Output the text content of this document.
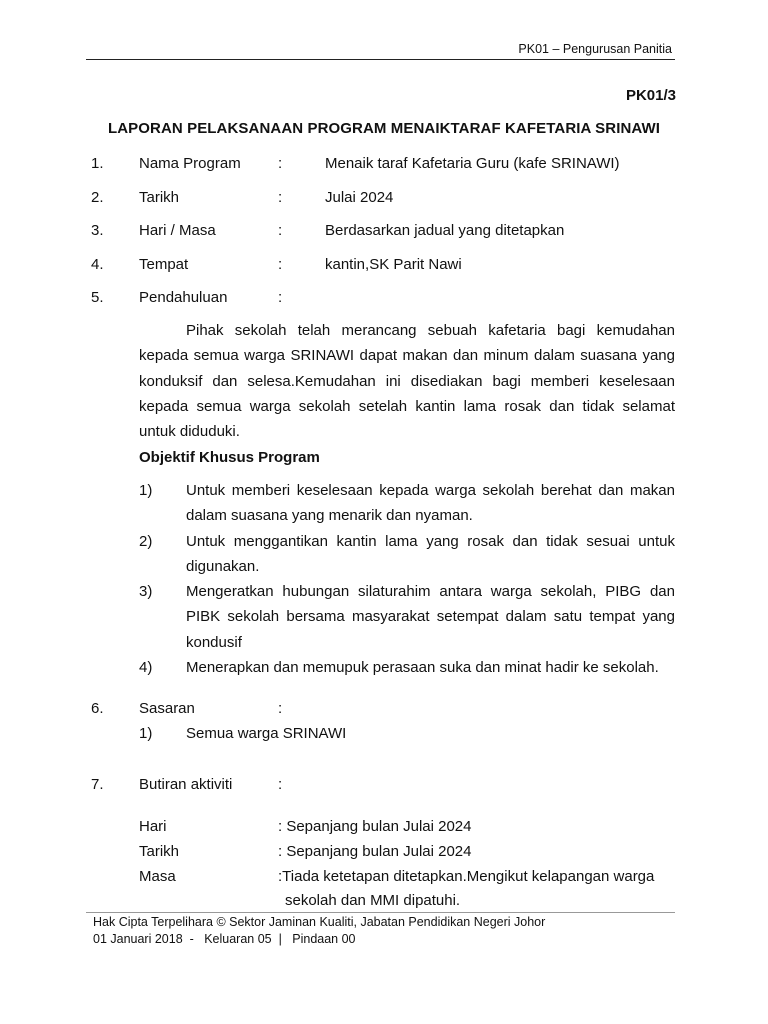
PK01 – Pengurusan Panitia
PK01/3
LAPORAN PELAKSANAAN PROGRAM MENAIKTARAF KAFETARIA SRINAWI
1. Nama Program :	Menaik taraf Kafetaria Guru (kafe SRINAWI)
2. Tarikh	:	Julai 2024
3. Hari / Masa	:	Berdasarkan jadual yang ditetapkan
4. Tempat	:	kantin,SK Parit Nawi
5. Pendahuluan	:
Pihak sekolah telah merancang sebuah kafetaria bagi kemudahan kepada semua warga SRINAWI dapat makan dan minum dalam suasana yang konduksif dan selesa.Kemudahan ini disediakan bagi memberi keselesaan kepada semua warga sekolah setelah kantin lama rosak dan tidak selamat untuk diduduki.
Objektif Khusus Program
1)	Untuk memberi keselesaan kepada warga sekolah berehat dan makan dalam suasana yang menarik dan nyaman.
2)	Untuk menggantikan kantin lama yang rosak dan tidak sesuai untuk digunakan.
3)	Mengeratkan hubungan silaturahim antara warga sekolah, PIBG dan PIBK sekolah bersama masyarakat setempat dalam satu tempat yang kondusif
4)	Menerapkan dan memupuk perasaan suka dan minat hadir ke sekolah.
6. Sasaran	:
1) Semua warga SRINAWI
7. Butiran aktiviti	:
Hari	: Sepanjang bulan Julai 2024
Tarikh	: Sepanjang bulan Julai 2024
Masa	:Tiada ketetapan ditetapkan.Mengikut kelapangan warga
sekolah dan MMI dipatuhi.
Hak Cipta Terpelihara © Sektor Jaminan Kualiti, Jabatan Pendidikan Negeri Johor
01 Januari 2018 - Keluaran 05 | Pindaan 00
